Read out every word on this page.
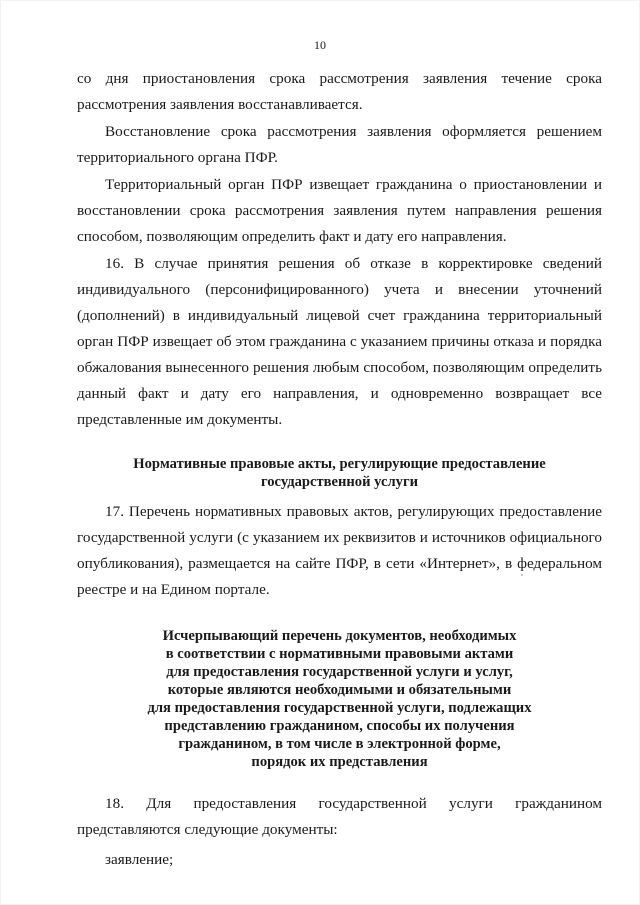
10

со дня приостановления срока рассмотрения заявления течение срока рассмотрения заявления восстанавливается.

Восстановление срока рассмотрения заявления оформляется решением территориального органа ПФР.

Территориальный орган ПФР извещает гражданина о приостановлении и восстановлении срока рассмотрения заявления путем направления решения способом, позволяющим определить факт и дату его направления.

16. В случае принятия решения об отказе в корректировке сведений индивидуального (персонифицированного) учета и внесении уточнений (дополнений) в индивидуальный лицевой счет гражданина территориальный орган ПФР извещает об этом гражданина с указанием причины отказа и порядка обжалования вынесенного решения любым способом, позволяющим определить данный факт и дату его направления, и одновременно возвращает все представленные им документы.

Нормативные правовые акты, регулирующие предоставление
государственной услуги

17. Перечень нормативных правовых актов, регулирующих предоставление государственной услуги (с указанием их реквизитов и источников официального опубликования), размещается на сайте ПФР, в сети «Интернет», в федеральном реестре и на Едином портале.

Исчерпывающий перечень документов, необходимых
в соответствии с нормативными правовыми актами
для предоставления государственной услуги и услуг,
которые являются необходимыми и обязательными
для предоставления государственной услуги, подлежащих
представлению гражданином, способы их получения
гражданином, в том числе в электронной форме,
порядок их представления
18. Для предоставления государственной услуги гражданином
представляются следующие документы:

заявление;
